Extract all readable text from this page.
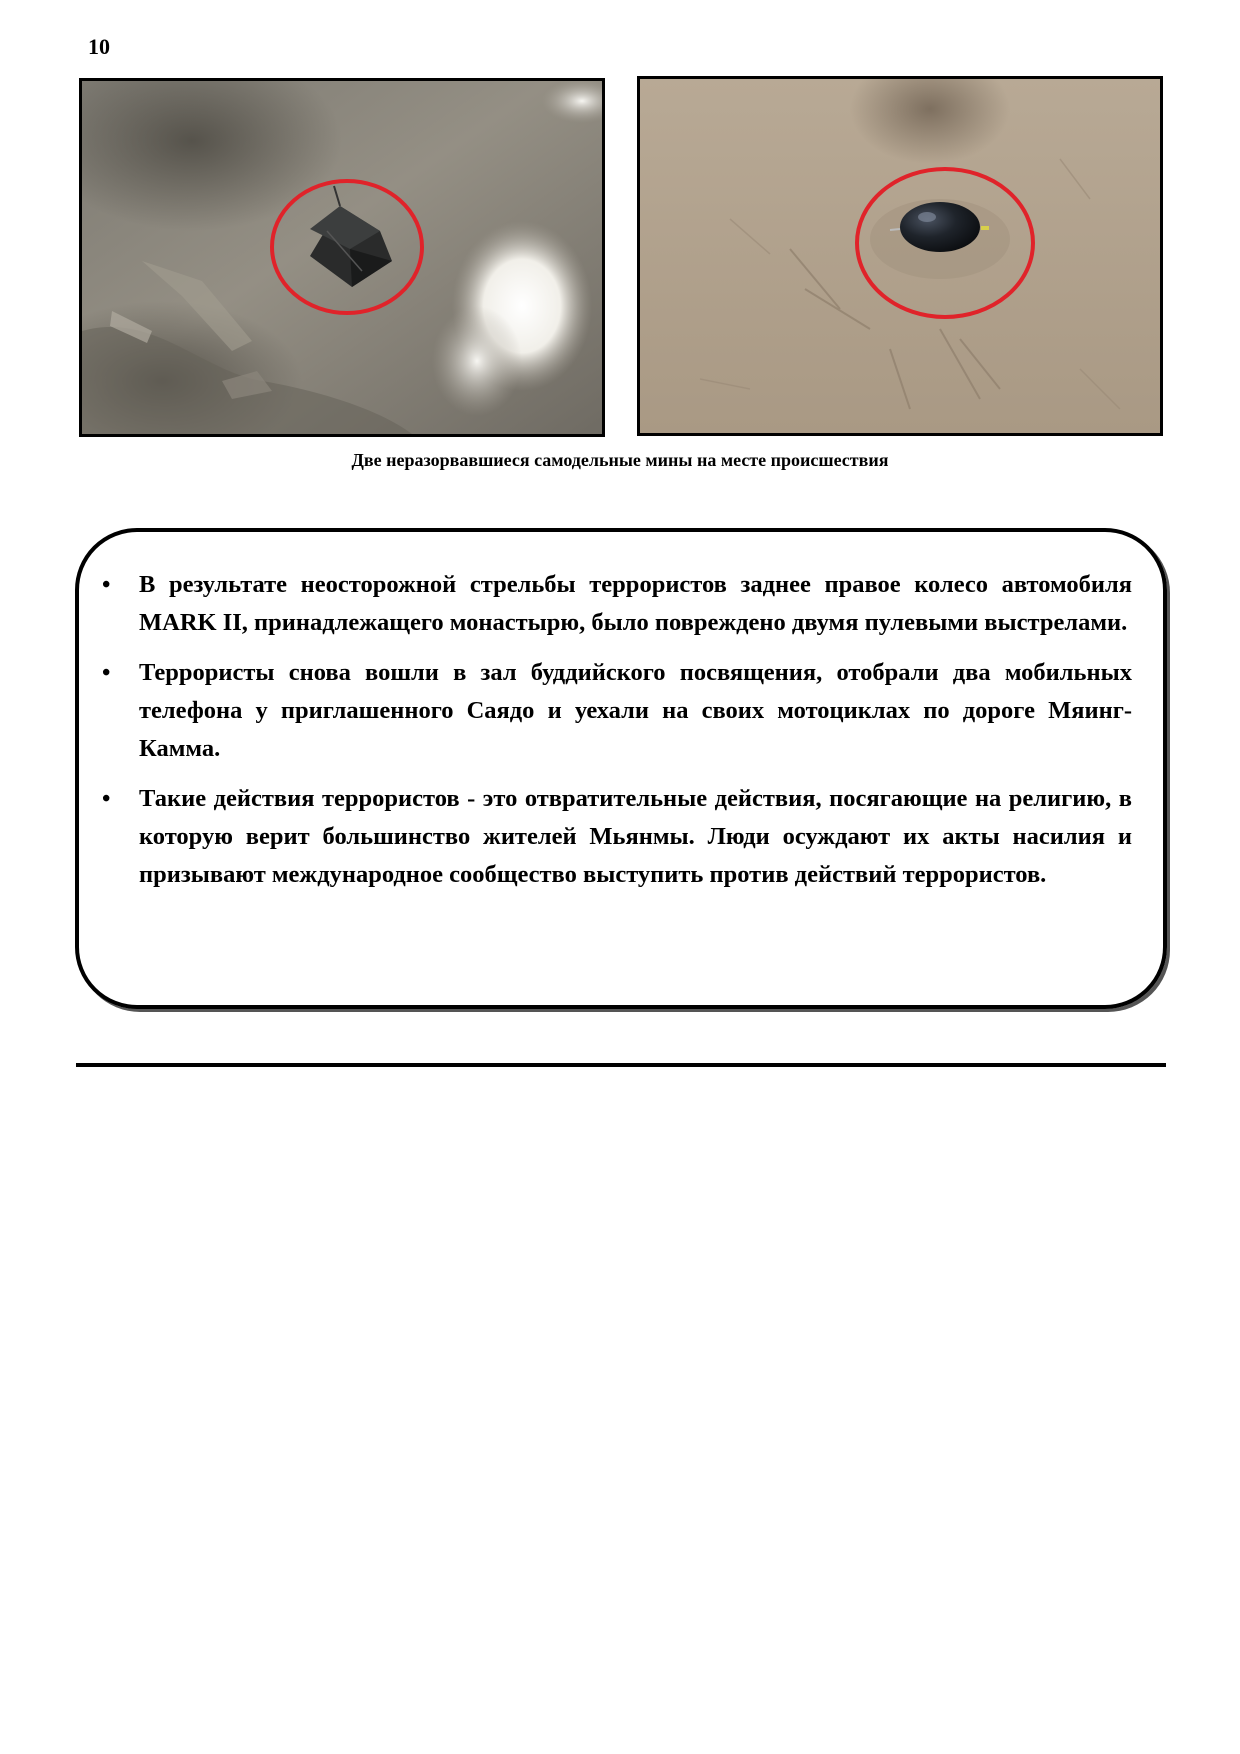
10
Две неразорвавшиеся самодельные мины на месте происшествия
• В результате неосторожной стрельбы террористов заднее правое колесо автомобиля MARK II, принадлежащего монастырю, было повреждено двумя пулевыми выстрелами.
• Террористы снова вошли в зал буддийского посвящения, отобрали два мобильных телефона у приглашенного Саядо и уехали на своих мотоциклах по дороге Мяинг-Камма.
• Такие действия террористов - это отвратительные действия, посягающие на религию, в которую верит большинство жителей Мьянмы. Люди осуждают их акты насилия и призывают международное сообщество выступить против действий террористов.
